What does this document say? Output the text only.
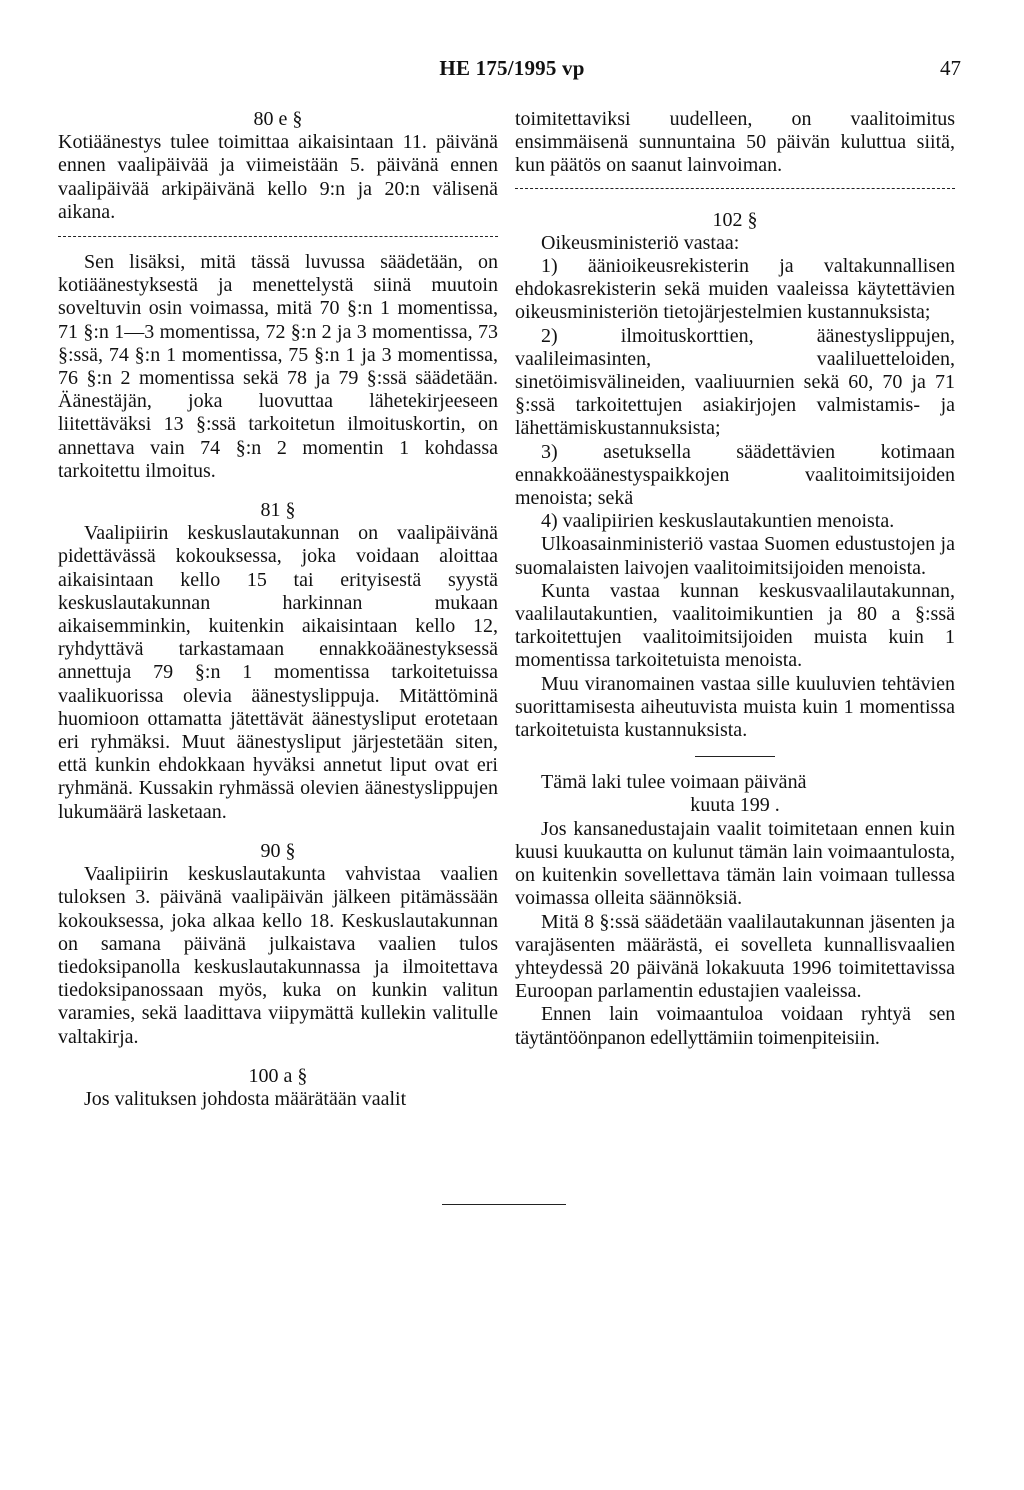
HE 175/1995 vp	47

80 e §

Kotiäänestys tulee toimittaa aikaisintaan 11. päivänä ennen vaalipäivää ja viimeistään 5. päivänä ennen vaalipäivää arkipäivänä kello 9:n ja 20:n välisenä aikana.

Sen lisäksi, mitä tässä luvussa säädetään, on kotiäänestyksestä ja menettelystä siinä muutoin soveltuvin osin voimassa, mitä 70 §:n 1 momentissa, 71 §:n 1—3 momentissa, 72 §:n 2 ja 3 momentissa, 73 §:ssä, 74 §:n 1 momentissa, 75 §:n 1 ja 3 momentissa, 76 §:n 2 momentissa sekä 78 ja 79 §:ssä säädetään. Äänestäjän, joka luovuttaa lähetekirjeeseen liitettäväksi 13 §:ssä tarkoitetun ilmoituskortin, on annettava vain 74 §:n 2 momentin 1 kohdassa tarkoitettu ilmoitus.

81 §

Vaalipiirin keskuslautakunnan on vaalipäivänä pidettävässä kokouksessa, joka voidaan aloittaa aikaisintaan kello 15 tai erityisestä syystä keskuslautakunnan harkinnan mukaan aikaisemminkin, kuitenkin aikaisintaan kello 12, ryhdyttävä tarkastamaan ennakkoäänestyksessä annettuja 79 §:n 1 momentissa tarkoitetuissa vaalikuorissa olevia äänestyslippuja. Mitättöminä huomioon ottamatta jätettävät äänestysliput erotetaan eri ryhmäksi. Muut äänestysliput järjestetään siten, että kunkin ehdokkaan hyväksi annetut liput ovat eri ryhmänä. Kussakin ryhmässä olevien äänestyslippujen lukumäärä lasketaan.

90 §

Vaalipiirin keskuslautakunta vahvistaa vaalien tuloksen 3. päivänä vaalipäivän jälkeen pitämässään kokouksessa, joka alkaa kello 18. Keskuslautakunnan on samana päivänä julkaistava vaalien tulos tiedoksipanolla keskuslautakunnassa ja ilmoitettava tiedoksipanossaan myös, kuka on kunkin valitun varamies, sekä laadittava viipymättä kullekin valitulle valtakirja.

100 a §

Jos valituksen johdosta määrätään vaalit

toimitettaviksi uudelleen, on vaalitoimitus ensimmäisenä sunnuntaina 50 päivän kuluttua siitä, kun päätös on saanut lainvoiman.

102 §

Oikeusministeriö vastaa:

1) äänioikeusrekisterin ja valtakunnallisen ehdokasrekisterin sekä muiden vaaleissa käytettävien oikeusministeriön tietojärjestelmien kustannuksista;

2) ilmoituskorttien, äänestyslippujen, vaalileimasinten, vaaliluetteloiden, sinetöimisvälineiden, vaaliuurnien sekä 60, 70 ja 71 §:ssä tarkoitettujen asiakirjojen valmistamis- ja lähettämiskustannuksista;

3) asetuksella säädettävien kotimaan ennakkoäänestyspaikkojen vaalitoimitsijoiden menoista; sekä

4) vaalipiirien keskuslautakuntien menoista.

Ulkoasainministeriö vastaa Suomen edustustojen ja suomalaisten laivojen vaalitoimitsijoiden menoista.

Kunta vastaa kunnan keskusvaalilautakunnan, vaalilautakuntien, vaalitoimikuntien ja 80 a §:ssä tarkoitettujen vaalitoimitsijoiden muista kuin 1 momentissa tarkoitetuista menoista.

Muu viranomainen vastaa sille kuuluvien tehtävien suorittamisesta aiheutuvista muista kuin 1 momentissa tarkoitetuista kustannuksista.

Tämä laki tulee voimaan päivänä

kuuta 199 .

Jos kansanedustajain vaalit toimitetaan ennen kuin kuusi kuukautta on kulunut tämän lain voimaantulosta, on kuitenkin sovellettava tämän lain voimaan tullessa voimassa olleita säännöksiä.

Mitä 8 §:ssä säädetään vaalilautakunnan jäsenten ja varajäsenten määrästä, ei sovelleta kunnallisvaalien yhteydessä 20 päivänä lokakuuta 1996 toimitettavissa Euroopan parlamentin edustajien vaaleissa.

Ennen lain voimaantuloa voidaan ryhtyä sen täytäntöönpanon edellyttämiin toimenpiteisiin.
